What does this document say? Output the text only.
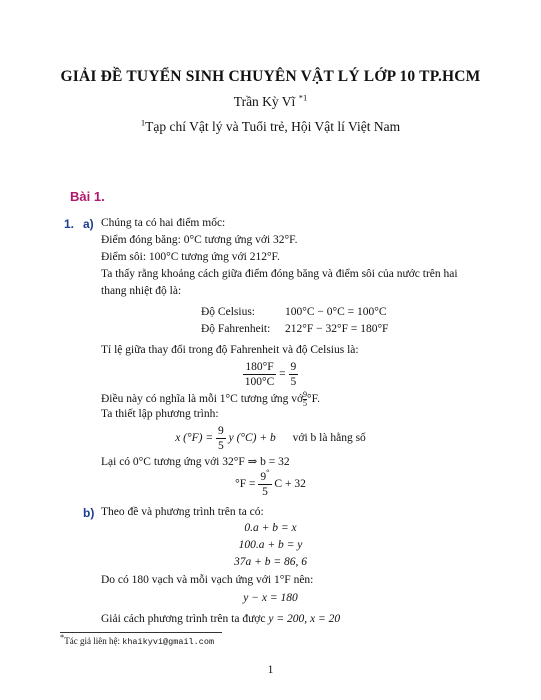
GIẢI ĐỀ TUYỂN SINH CHUYÊN VẬT LÝ LỚP 10 TP.HCM
Trần Kỳ Vĩ $^{*1}$
$^1$Tạp chí Vật lý và Tuổi trẻ, Hội Vật lí Việt Nam
Bài 1.
1. a) Chúng ta có hai điểm mốc:
Điểm đóng băng: 0°C tương ứng với 32°F.
Điểm sôi: 100°C tương ứng với 212°F.
Ta thấy rằng khoảng cách giữa điểm đóng băng và điểm sôi của nước trên hai thang nhiệt độ là:
Độ Celsius:	100°C − 0°C = 100°C
Độ Fahrenheit: 212°F − 32°F = 180°F
Tỉ lệ giữa thay đổi trong độ Fahrenheit và độ Celsius là:
$\frac{180^\circ F}{100^\circ C} = \frac{9}{5}$
Điều này có nghĩa là mỗi 1°C tương ứng vớ $\frac{9}{5} ^\circ F$.
Ta thiết lập phương trình:
x $(^\circ F) = \frac{9}{5}$ y (°C) + b với b là hằng số
Lại có 0°C tương ứng với 32°F ⇒ b = 32
$^\circ F = \frac{9^\circ}{5}$ C + 32
b) Theo đề và phương trình trên ta có:
0.a + b = x
100.a + b = y
37a + b = 86, 6
Do có 180 vạch và mỗi vạch ứng với 1°F nên:
y − x = 180
Giải cách phương trình trên ta được y = 200, x = 20
*Tác giả liên hệ: khaikyvi@gmail.com
1
